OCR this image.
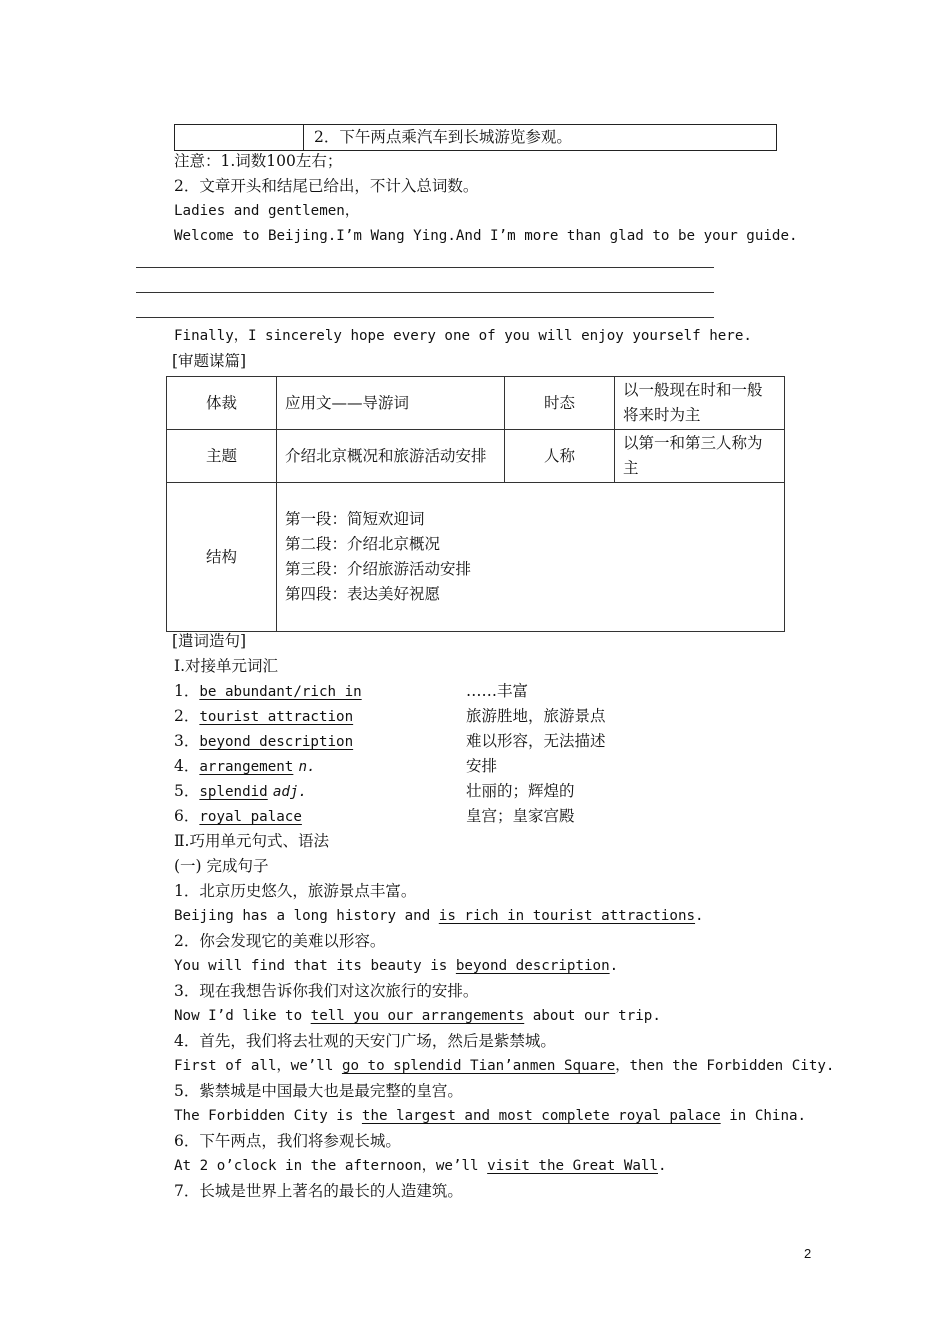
2．下午两点乘汽车到长城游览参观。
注意：1.词数100左右；
2．文章开头和结尾已给出，不计入总词数。
Ladies and gentlemen，
Welcome to Beijing.I’m Wang Ying.And I’m more than glad to be your guide.
Finally，I sincerely hope every one of you will enjoy yourself here.
[审题谋篇]
体裁	应用文——导游词	时态	以一般现在时和一般将来时为主
主题	介绍北京概况和旅游活动安排	人称	以第一和第三人称为主
结构	第一段：简短欢迎词
第二段：介绍北京概况
第三段：介绍旅游活动安排
第四段：表达美好祝愿		
[遣词造句]
Ⅰ.对接单元词汇
1．be abundant/rich in	……丰富
2．tourist attraction	旅游胜地，旅游景点
3．beyond description	难以形容，无法描述
4．arrangement n.	安排
5．splendid adj.	壮丽的；辉煌的
6．royal palace	皇宫；皇家宫殿
Ⅱ.巧用单元句式、语法
(一) 完成句子
1．北京历史悠久，旅游景点丰富。
Beijing has a long history and is rich in tourist attractions.
2．你会发现它的美难以形容。
You will find that its beauty is beyond description.
3．现在我想告诉你我们对这次旅行的安排。
Now I’d like to tell you our arrangements about our trip.
4．首先，我们将去壮观的天安门广场，然后是紫禁城。
First of all，we’ll go to splendid Tian’anmen Square，then the Forbidden City.
5．紫禁城是中国最大也是最完整的皇宫。
The Forbidden City is the largest and most complete royal palace in China.
6．下午两点，我们将参观长城。
At 2 o’clock in the afternoon，we’ll visit the Great Wall.
7．长城是世界上著名的最长的人造建筑。
2
